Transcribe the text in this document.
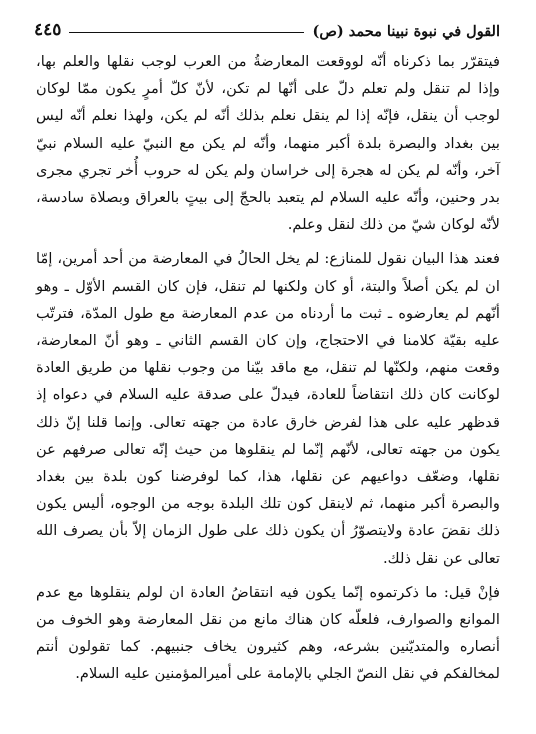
القول في نبوة نبينا محمد (ص)
٤٤٥

فيتقرّر بما ذكرناه أنّه لووقعت المعارضةُ من العرب لوجب نقلها والعلم بها، وإذا لم تنقل ولم تعلم دلّ على أنّها لم تكن، لأنّ كلّ أمرٍ يكون ممّا لوكان لوجب أن ينقل، فإنّه إذا لم ينقل نعلم بذلك أنّه لم يكن، ولهذا نعلم أنّه ليس بين بغداد والبصرة بلدة أكبر منهما، وأنّه لم يكن مع النبيّ عليه السلام نبيّ آخر، وأنّه لم يكن له هجرة إلى خراسان ولم يكن له حروب أُخر تجري مجرى بدر وحنين، وأنّه عليه السلام لم يتعبد بالحجّ إلى بيتٍ بالعراق وبصلاة سادسة، لأنّه لوكان شيّ من ذلك لنقل وعلم.

فعند هذا البيان نقول للمنازع: لم يخل الحالُ في المعارضة من أحد أمرين، إمّا ان لم يكن أصلاً والبتة، أو كان ولكنها لم تنقل، فإن كان القسم الأوّل ـ وهو أنّهم لم يعارضوه ـ ثبت ما أردناه من عدم المعارضة مع طول المدّة، فترتّب عليه بقيّة كلامنا في الاحتجاج، وإن كان القسم الثاني ـ وهو أنّ المعارضة، وقعت منهم، ولكنّها لم تنقل، مع ماقد بيّنا من وجوب نقلها من طريق العادة لوكانت كان ذلك انتقاضاً للعادة، فيدلّ على صدقة عليه السلام في دعواه إذ قدظهر عليه على هذا لفرض خارق عادة من جهته تعالى. وإنما قلنا إنّ ذلك يكون من جهته تعالى، لأنّهم إنّما لم ينقلوها من حيث إنّه تعالى صرفهم عن نقلها، وضعّف دواعيهم عن نقلها، هذا، كما لوفرضنا كون بلدة بين بغداد والبصرة أكبر منهما، ثم لاينقل كون تلك البلدة بوجه من الوجوه، أليس يكون ذلك نقضَ عادة ولايتصوّرُ أن يكون ذلك على طول الزمان إلاّ بأن يصرف الله تعالى عن نقل ذلك.

فإنْ قيل: ما ذكرتموه إنّما يكون فيه انتقاضُ العادة ان لولم ينقلوها مع عدم الموانع والصوارف، فلعلّه كان هناك مانع من نقل المعارضة وهو الخوف من أنصاره والمتديّنين بشرعه، وهم كثيرون يخاف جنبيهم. كما تقولون أنتم لمخالفكم في نقل النصّ الجلي بالإمامة على أميرالمؤمنين عليه السلام.
